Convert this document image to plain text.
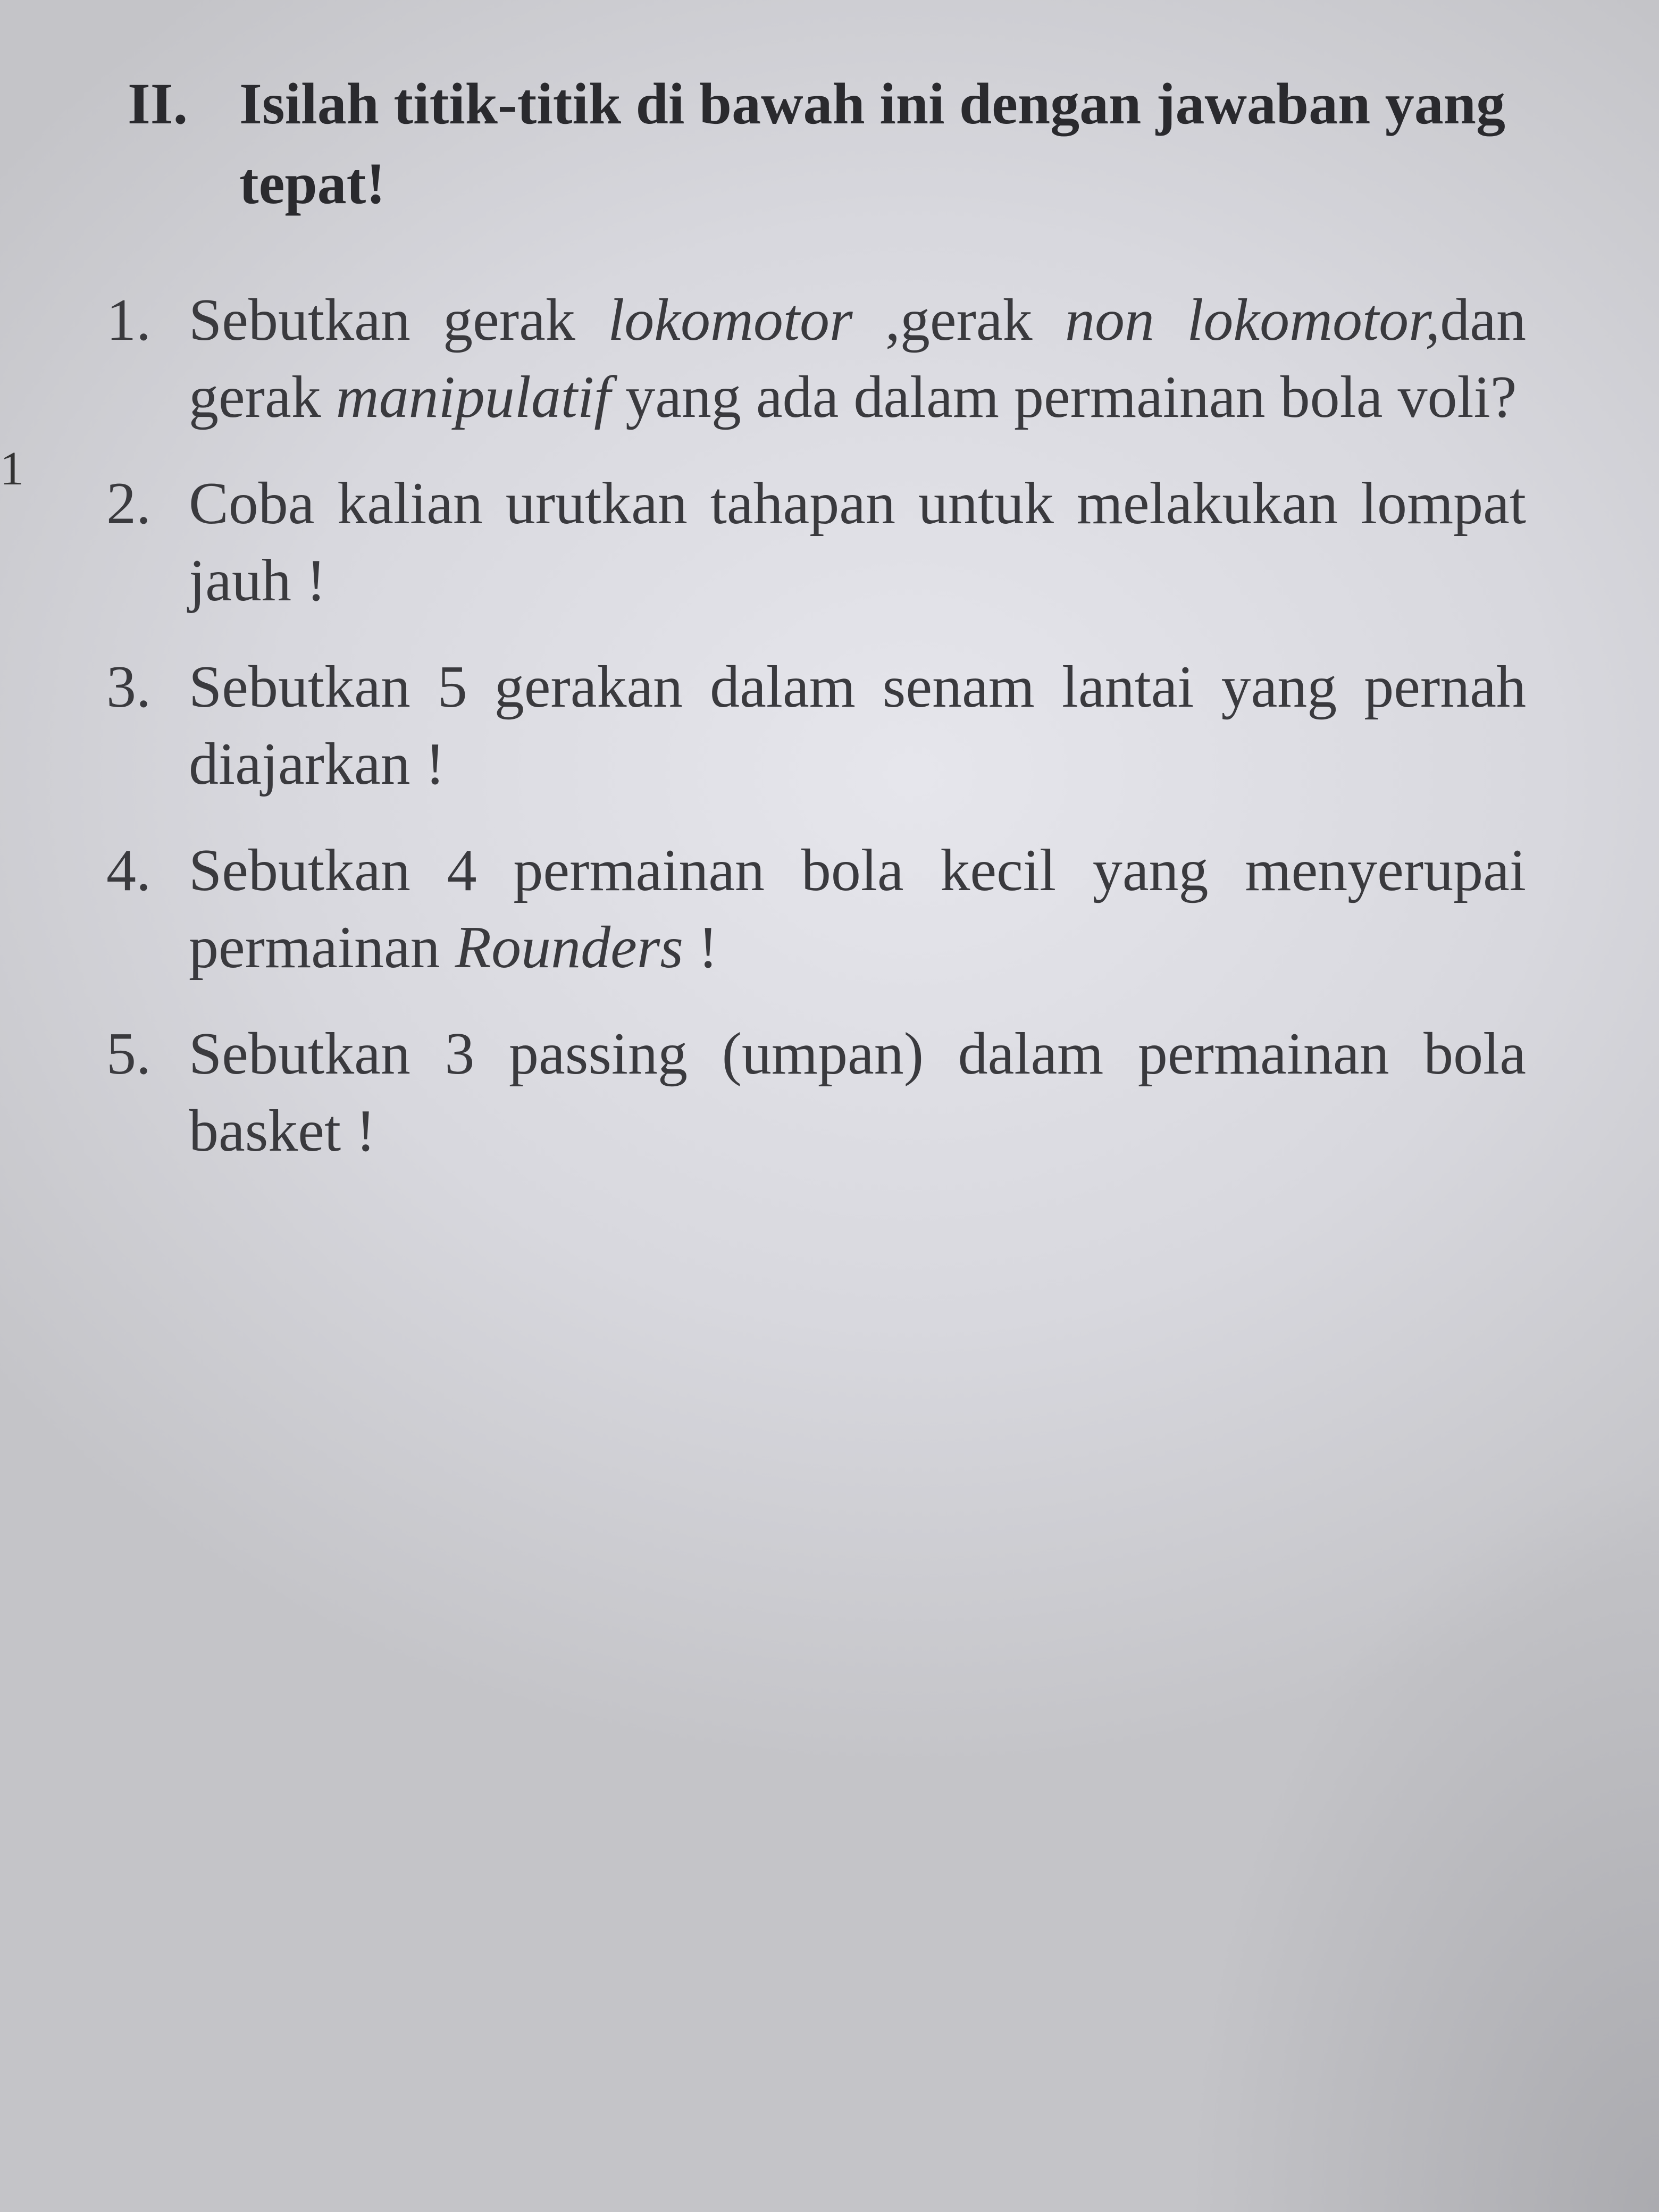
1
II. Isilah titik-titik di bawah ini dengan jawaban yang tepat!
1. Sebutkan gerak lokomotor ,gerak non lokomotor,dan gerak manipulatif yang ada dalam permainan bola voli?
2. Coba kalian urutkan tahapan untuk melakukan lompat jauh !
3. Sebutkan 5 gerakan dalam senam lantai yang pernah diajarkan !
4. Sebutkan 4 permainan bola kecil yang menyerupai permainan Rounders !
5. Sebutkan 3 passing (umpan) dalam permainan bola basket !
